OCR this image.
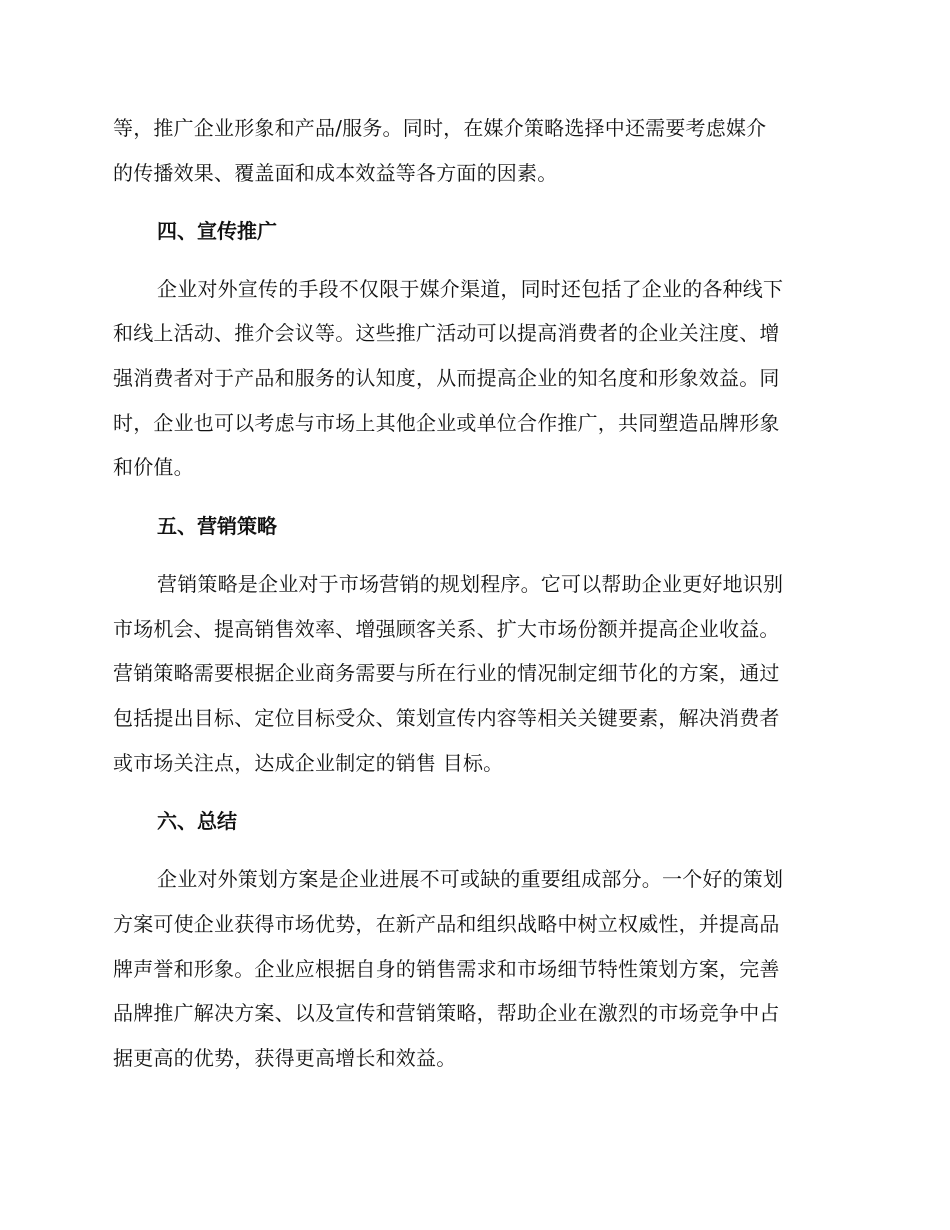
等，推广企业形象和产品/服务。同时，在媒介策略选择中还需要考虑媒介
的传播效果、覆盖面和成本效益等各方面的因素。
四、宣传推广
企业对外宣传的手段不仅限于媒介渠道，同时还包括了企业的各种线下
和线上活动、推介会议等。这些推广活动可以提高消费者的企业关注度、增
强消费者对于产品和服务的认知度，从而提高企业的知名度和形象效益。同
时，企业也可以考虑与市场上其他企业或单位合作推广，共同塑造品牌形象
和价值。
五、营销策略
营销策略是企业对于市场营销的规划程序。它可以帮助企业更好地识别
市场机会、提高销售效率、增强顾客关系、扩大市场份额并提高企业收益。
营销策略需要根据企业商务需要与所在行业的情况制定细节化的方案，通过
包括提出目标、定位目标受众、策划宣传内容等相关关键要素，解决消费者
或市场关注点，达成企业制定的销售 目标。
六、总结
企业对外策划方案是企业进展不可或缺的重要组成部分。一个好的策划
方案可使企业获得市场优势，在新产品和组织战略中树立权威性，并提高品
牌声誉和形象。企业应根据自身的销售需求和市场细节特性策划方案，完善
品牌推广解决方案、以及宣传和营销策略，帮助企业在激烈的市场竞争中占
据更高的优势，获得更高增长和效益。
